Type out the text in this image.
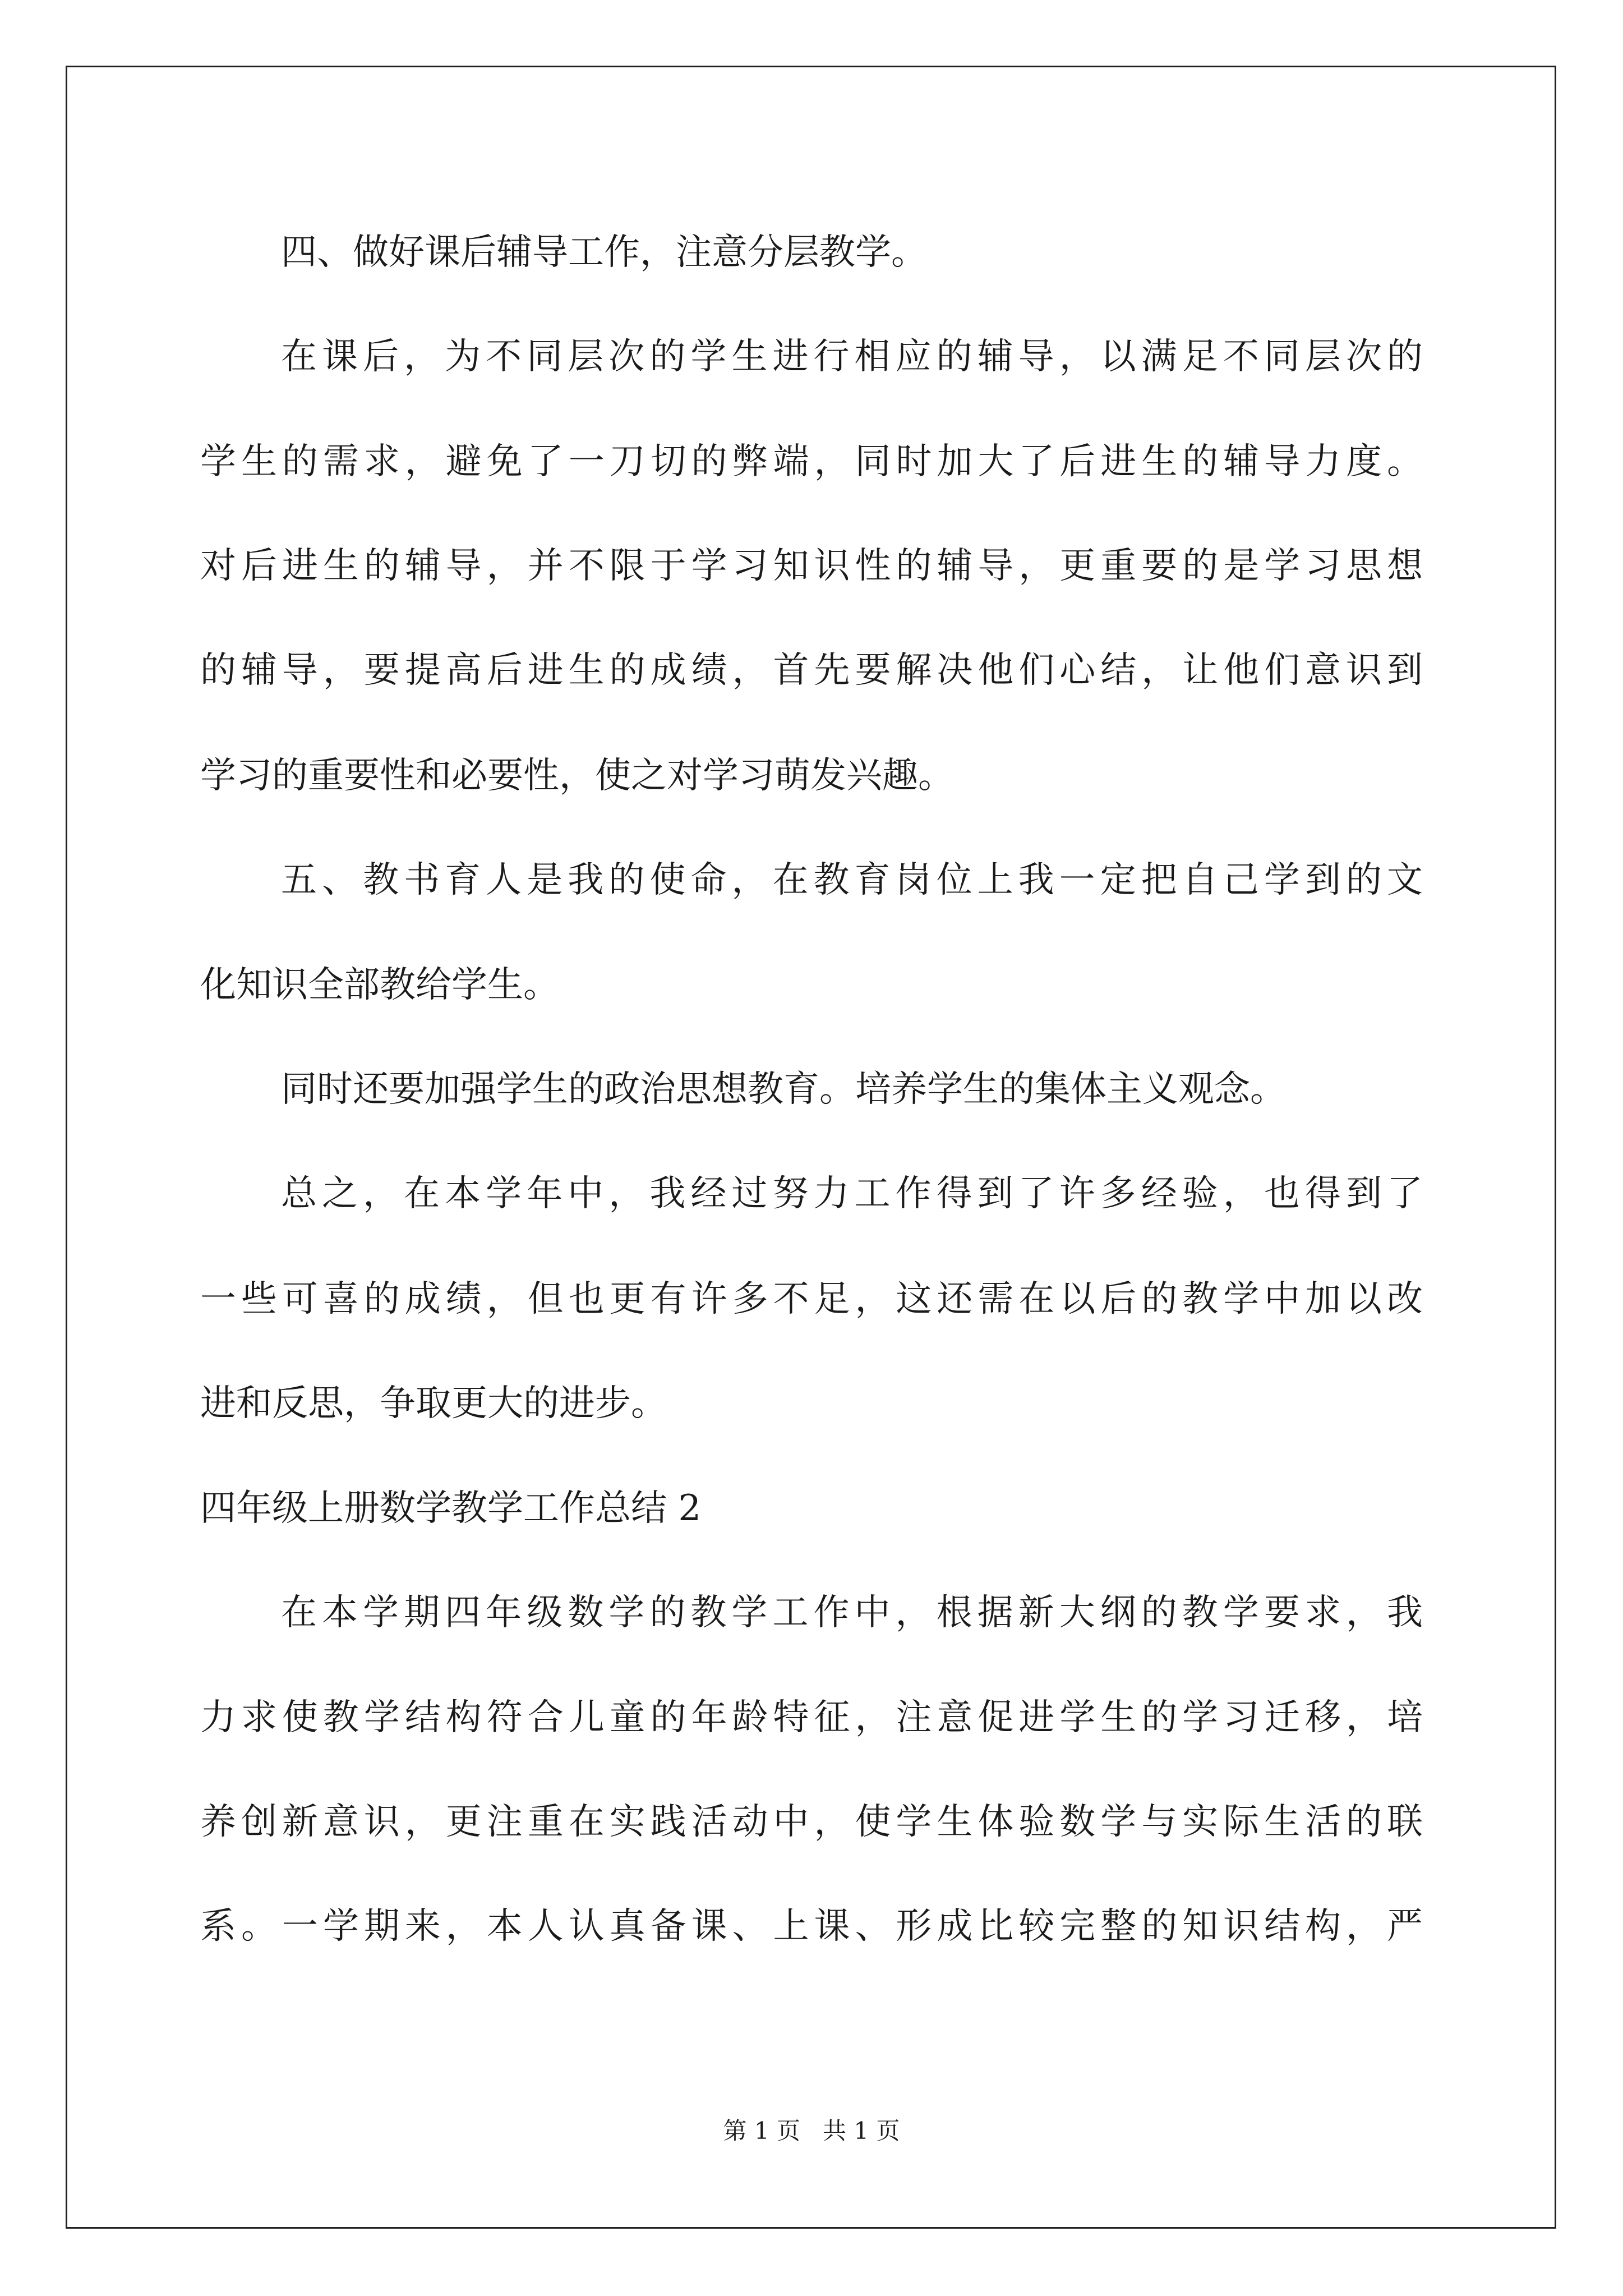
四、做好课后辅导工作，注意分层教学。

在课后，为不同层次的学生进行相应的辅导，以满足不同层次的

学生的需求，避免了一刀切的弊端，同时加大了后进生的辅导力度。

对后进生的辅导，并不限于学习知识性的辅导，更重要的是学习思想

的辅导，要提高后进生的成绩，首先要解决他们心结，让他们意识到

学习的重要性和必要性，使之对学习萌发兴趣。

五、教书育人是我的使命，在教育岗位上我一定把自己学到的文

化知识全部教给学生。

同时还要加强学生的政治思想教育。培养学生的集体主义观念。

总之，在本学年中，我经过努力工作得到了许多经验，也得到了

一些可喜的成绩，但也更有许多不足，这还需在以后的教学中加以改

进和反思，争取更大的进步。

四年级上册数学教学工作总结 2

在本学期四年级数学的教学工作中，根据新大纲的教学要求，我

力求使教学结构符合儿童的年龄特征，注意促进学生的学习迁移，培

养创新意识，更注重在实践活动中，使学生体验数学与实际生活的联

系。一学期来，本人认真备课、上课、形成比较完整的知识结构，严

第 1 页   共 1 页
